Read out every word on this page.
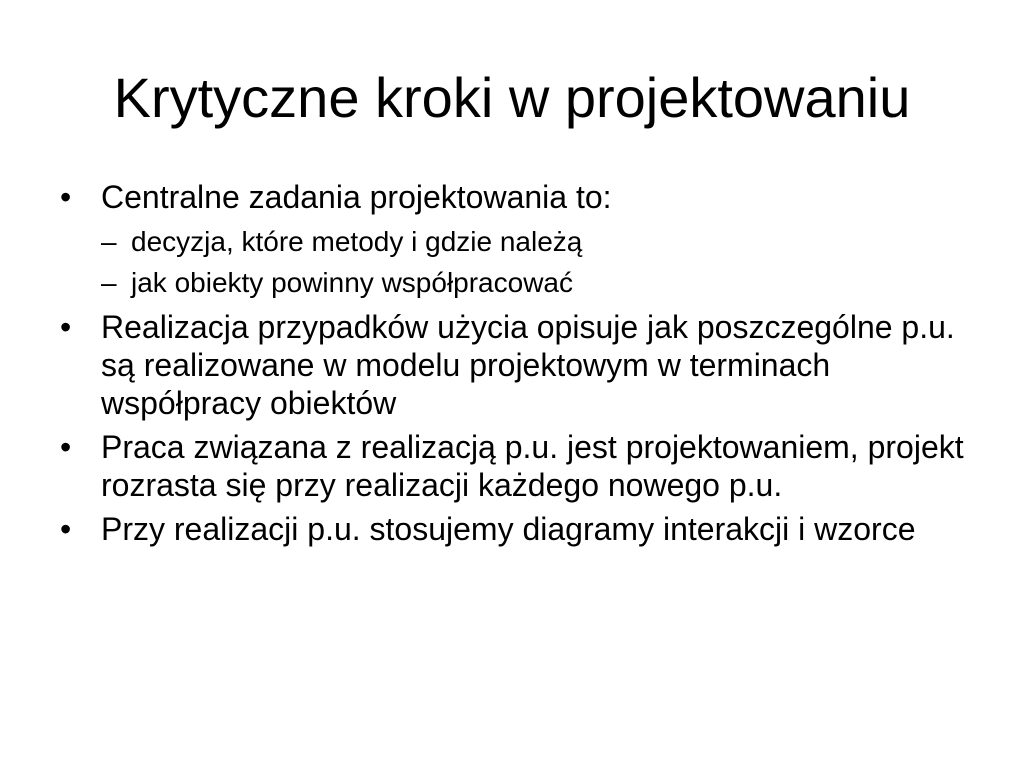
Krytyczne kroki w projektowaniu
• Centralne zadania projektowania to:
– decyzja, które metody i gdzie należą
– jak obiekty powinny współpracować
• Realizacja przypadków użycia opisuje jak poszczególne p.u. są realizowane w modelu projektowym w terminach współpracy obiektów
• Praca związana z realizacją p.u. jest projektowaniem, projekt rozrasta się przy realizacji każdego nowego p.u.
• Przy realizacji p.u. stosujemy diagramy interakcji i wzorce
